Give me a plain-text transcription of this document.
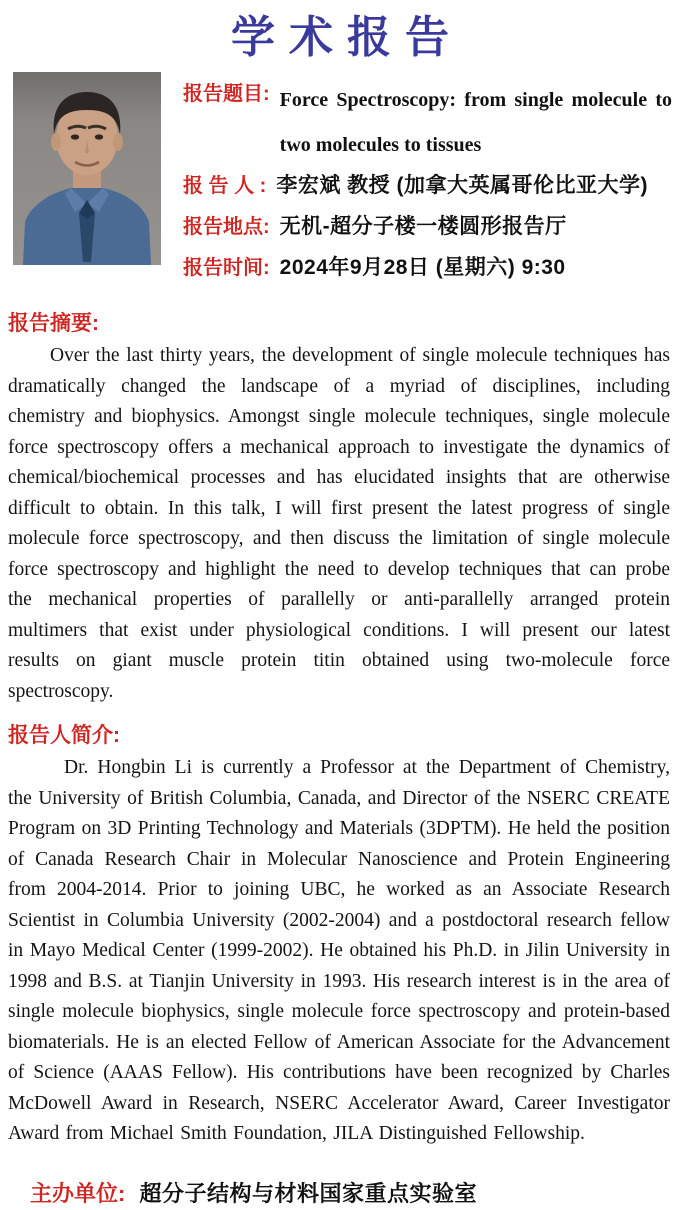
学术报告
报告题目: Force Spectroscopy: from single molecule to two molecules to tissues
报 告 人 : 李宏斌 教授 (加拿大英属哥伦比亚大学)
报告地点: 无机-超分子楼一楼圆形报告厅
报告时间: 2024年9月28日 (星期六) 9:30
报告摘要:

Over the last thirty years, the development of single molecule techniques has dramatically changed the landscape of a myriad of disciplines, including chemistry and biophysics. Amongst single molecule techniques, single molecule force spectroscopy offers a mechanical approach to investigate the dynamics of chemical/biochemical processes and has elucidated insights that are otherwise difficult to obtain. In this talk, I will first present the latest progress of single molecule force spectroscopy, and then discuss the limitation of single molecule force spectroscopy and highlight the need to develop techniques that can probe the mechanical properties of parallelly or anti-parallelly arranged protein multimers that exist under physiological conditions. I will present our latest results on giant muscle protein titin obtained using two-molecule force spectroscopy.

报告人简介:

Dr. Hongbin Li is currently a Professor at the Department of Chemistry, the University of British Columbia, Canada, and Director of the NSERC CREATE Program on 3D Printing Technology and Materials (3DPTM). He held the position of Canada Research Chair in Molecular Nanoscience and Protein Engineering from 2004-2014. Prior to joining UBC, he worked as an Associate Research Scientist in Columbia University (2002-2004) and a postdoctoral research fellow in Mayo Medical Center (1999-2002). He obtained his Ph.D. in Jilin University in 1998 and B.S. at Tianjin University in 1993. His research interest is in the area of single molecule biophysics, single molecule force spectroscopy and protein-based biomaterials. He is an elected Fellow of American Associate for the Advancement of Science (AAAS Fellow). His contributions have been recognized by Charles McDowell Award in Research, NSERC Accelerator Award, Career Investigator Award from Michael Smith Foundation, JILA Distinguished Fellowship.

主办单位: 超分子结构与材料国家重点实验室
